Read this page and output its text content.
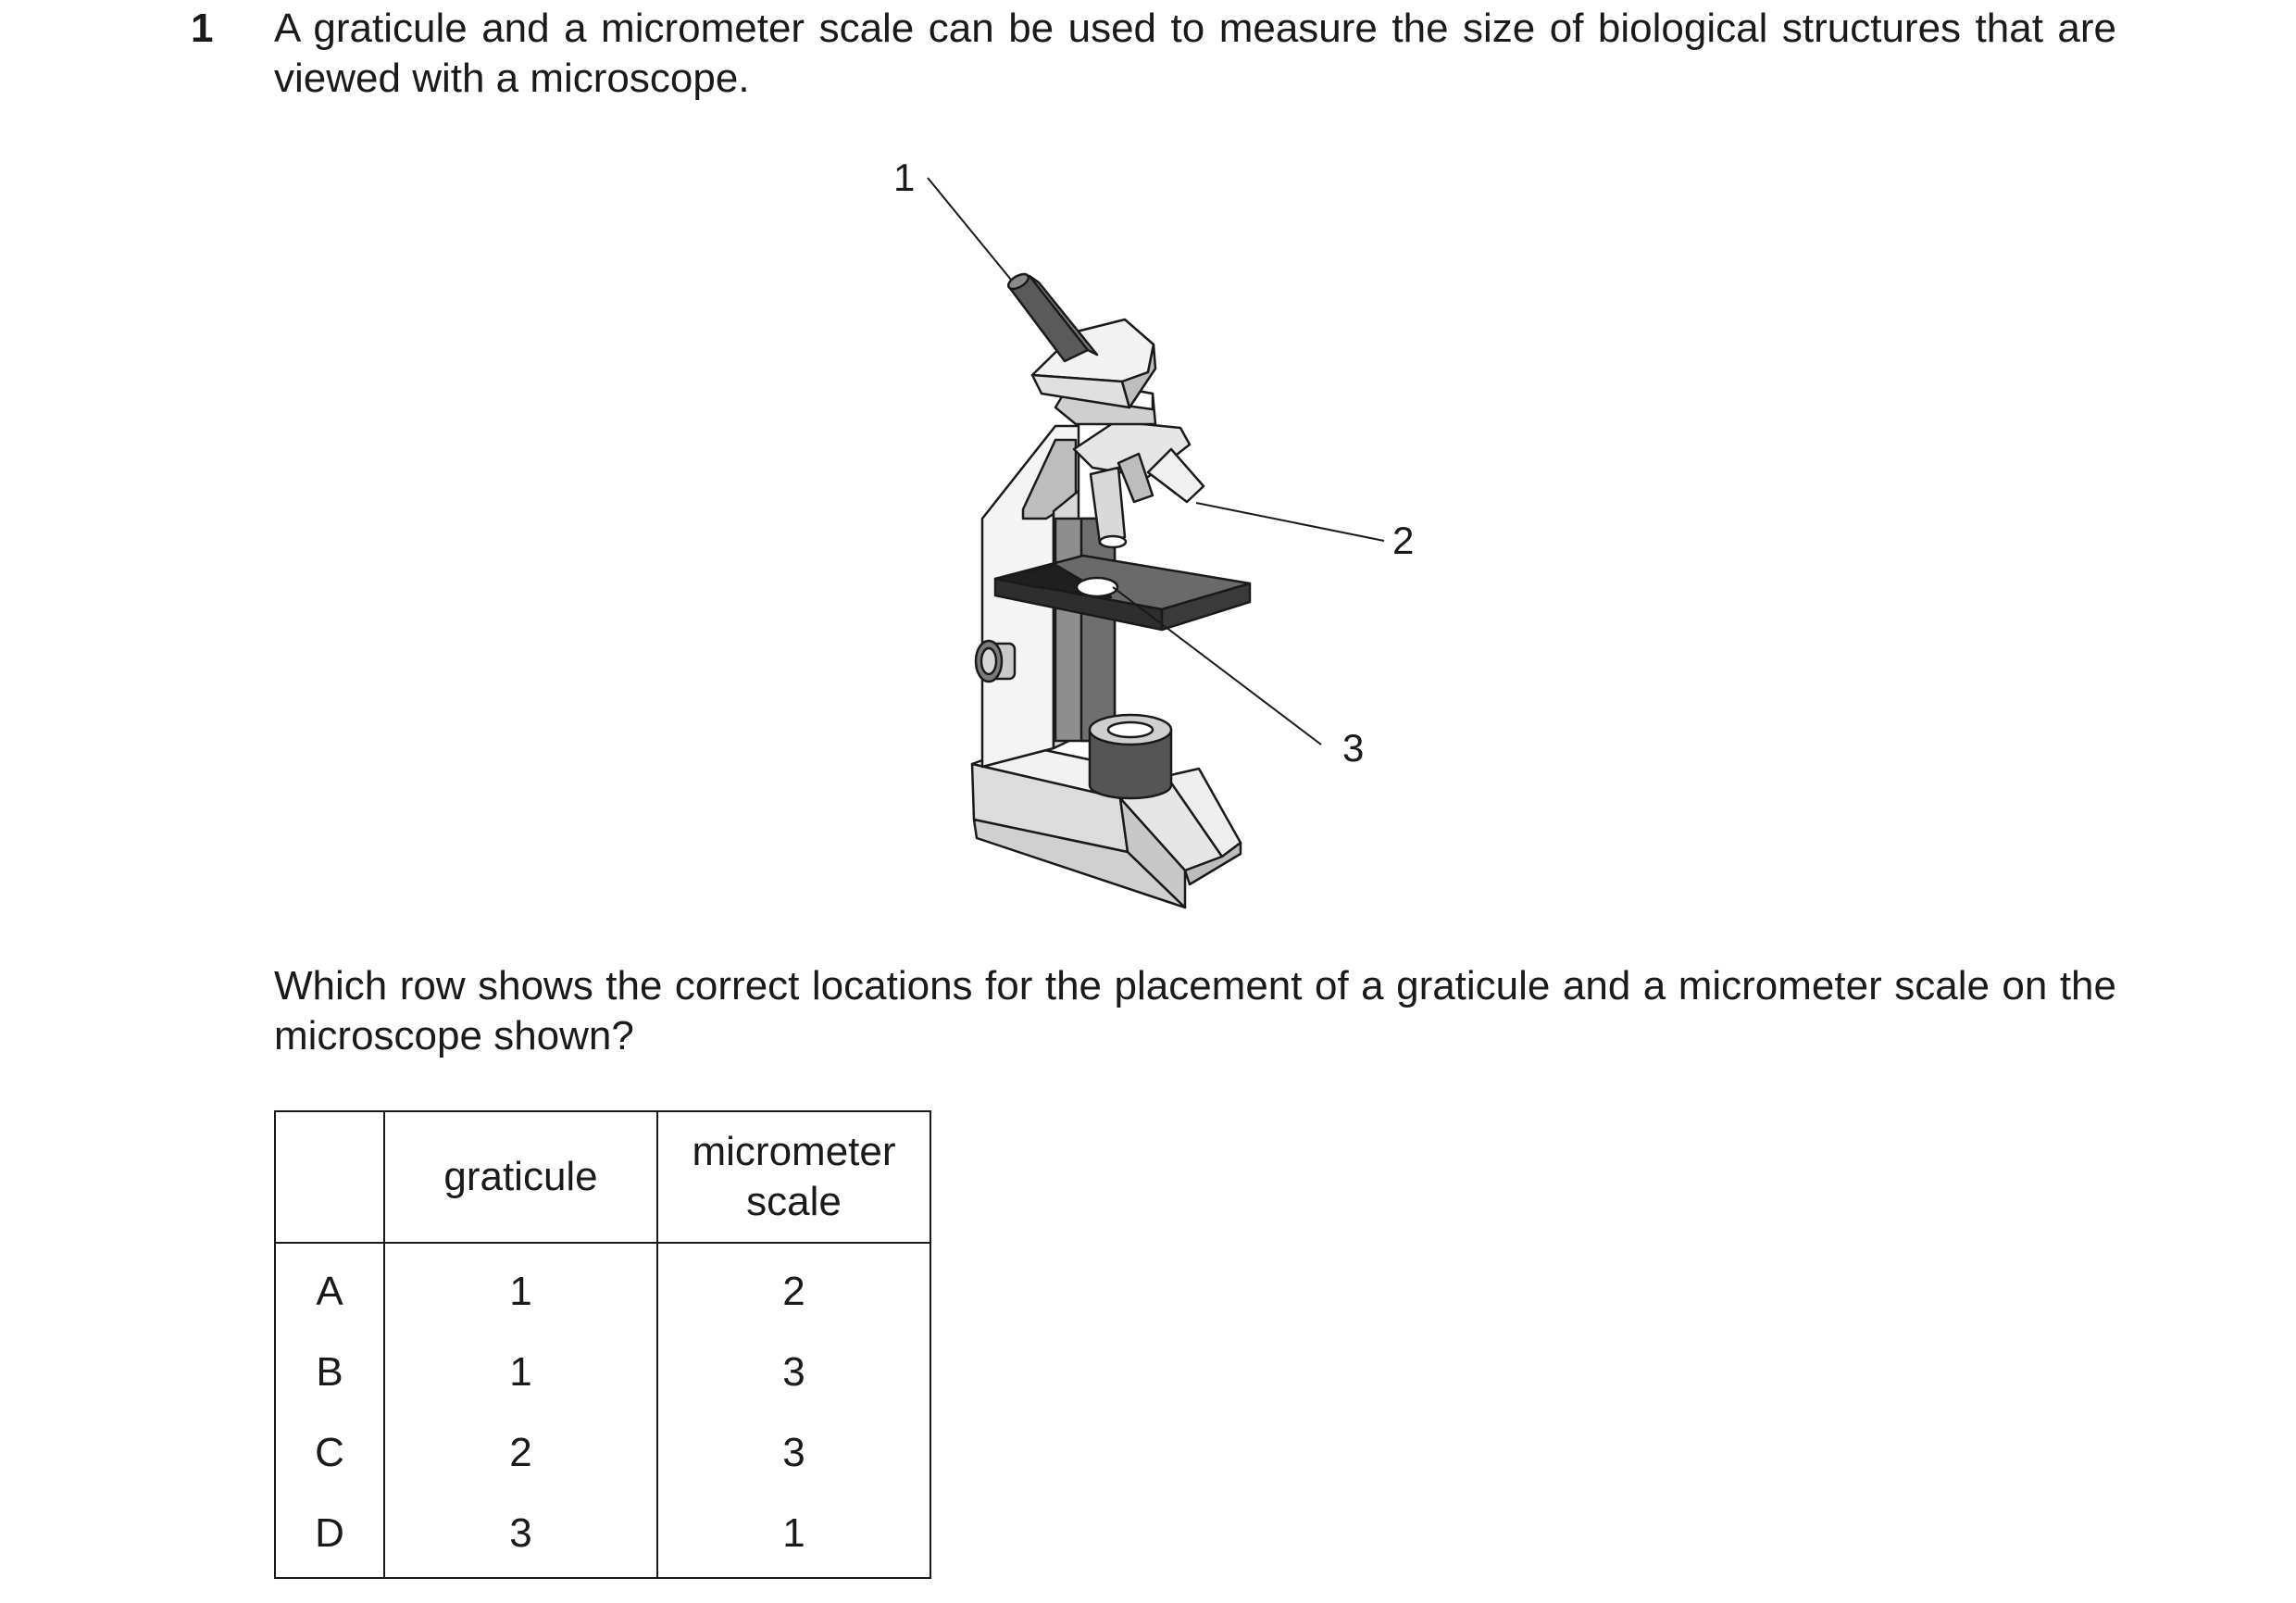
1 A graticule and a micrometer scale can be used to measure the size of biological structures that are viewed with a microscope.

1
2
3

Which row shows the correct locations for the placement of a graticule and a micrometer scale on the microscope shown?

	graticule	micrometer scale

A	1	2
B	1	3
C	2	3
D	3	1
